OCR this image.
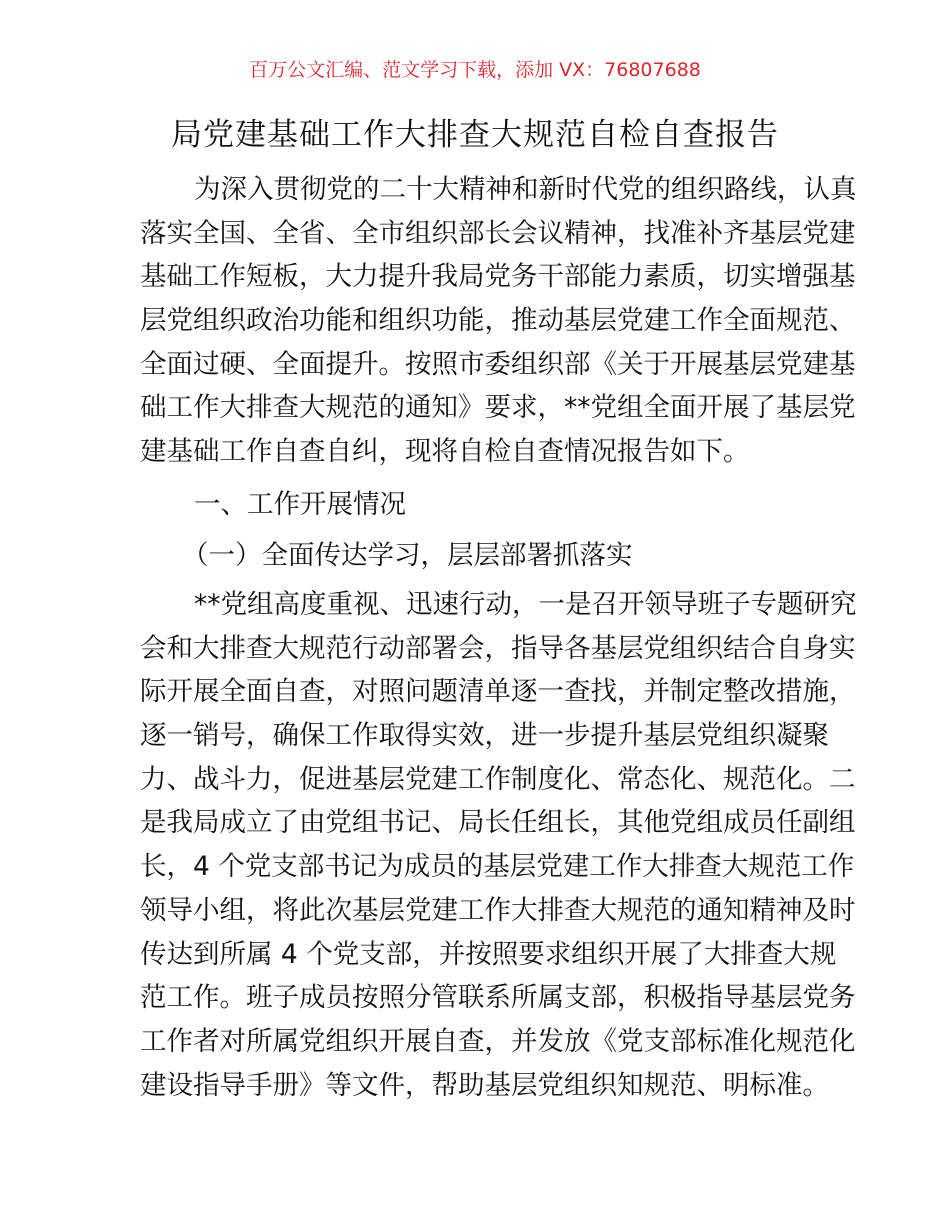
百万公文汇编、范文学习下载，添加 VX：76807688
局党建基础工作大排查大规范自检自查报告
为深入贯彻党的二十大精神和新时代党的组织路线，认真
落实全国、全省、全市组织部长会议精神，找准补齐基层党建
基础工作短板，大力提升我局党务干部能力素质，切实增强基
层党组织政治功能和组织功能，推动基层党建工作全面规范、
全面过硬、全面提升。按照市委组织部《关于开展基层党建基
础工作大排查大规范的通知》要求，**党组全面开展了基层党
建基础工作自查自纠，现将自检自查情况报告如下。
一、工作开展情况
（一）全面传达学习，层层部署抓落实
**党组高度重视、迅速行动，一是召开领导班子专题研究
会和大排查大规范行动部署会，指导各基层党组织结合自身实
际开展全面自查，对照问题清单逐一查找，并制定整改措施，
逐一销号，确保工作取得实效，进一步提升基层党组织凝聚
力、战斗力，促进基层党建工作制度化、常态化、规范化。二
是我局成立了由党组书记、局长任组长，其他党组成员任副组
长，4 个党支部书记为成员的基层党建工作大排查大规范工作
领导小组，将此次基层党建工作大排查大规范的通知精神及时
传达到所属 4 个党支部，并按照要求组织开展了大排查大规
范工作。班子成员按照分管联系所属支部，积极指导基层党务
工作者对所属党组织开展自查，并发放《党支部标准化规范化
建设指导手册》等文件，帮助基层党组织知规范、明标准。
